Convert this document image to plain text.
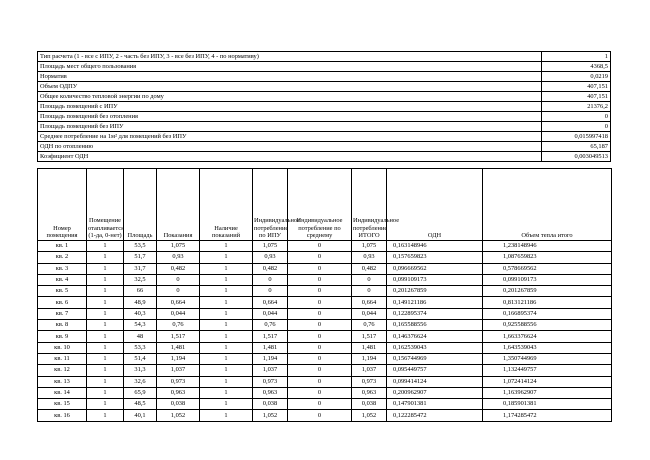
Тип расчета (1 - все с ИПУ, 2 - часть без ИПУ, 3 - все без ИПУ, 4 - по нормативу)	1
Площадь мест общего пользования	4368,5
Норматив	0,0219
Объем ОДПУ	407,151
Общее количество тепловой энергии по дому	407,151
Площадь помещений с ИПУ	21376,2
Площадь помещений без отопления	0
Площадь помещений без ИПУ	0
Среднее потребление на 1м² для помещений без ИПУ	0,015997418
ОДН по отоплению	65,187
Коэфициент ОДН	0,003049513
Номер помещения	Помещение отапливается (1-да, 0-нет)	Площадь	Показания	Наличие показаний	Индивидуальное потребление по ИПУ	Индивидуальное потребление по среднему	Индивидуальное потребление ИТОГО	ОДН	Объем тепла итого
кв. 1	1	53,5	1,075	1	1,075	0	1,075	0,163148946	1,238148946
кв. 2	1	51,7	0,93	1	0,93	0	0,93	0,157659823	1,087659823
кв. 3	1	31,7	0,482	1	0,482	0	0,482	0,096669562	0,578669562
кв. 4	1	32,5	0	1	0	0	0	0,099109173	0,099109173
кв. 5	1	66	0	1	0	0	0	0,201267859	0,201267859
кв. 6	1	48,9	0,664	1	0,664	0	0,664	0,149121186	0,813121186
кв. 7	1	40,3	0,044	1	0,044	0	0,044	0,122895374	0,166895374
кв. 8	1	54,3	0,76	1	0,76	0	0,76	0,165588556	0,925588556
кв. 9	1	48	1,517	1	1,517	0	1,517	0,146376624	1,663376624
кв. 10	1	53,3	1,481	1	1,481	0	1,481	0,162539043	1,643539043
кв. 11	1	51,4	1,194	1	1,194	0	1,194	0,156744969	1,350744969
кв. 12	1	31,3	1,037	1	1,037	0	1,037	0,095449757	1,132449757
кв. 13	1	32,6	0,973	1	0,973	0	0,973	0,099414124	1,072414124
кв. 14	1	65,9	0,963	1	0,963	0	0,963	0,200962907	1,163962907
кв. 15	1	48,5	0,038	1	0,038	0	0,038	0,147901381	0,185901381
кв. 16	1	40,1	1,052	1	1,052	0	1,052	0,122285472	1,174285472
